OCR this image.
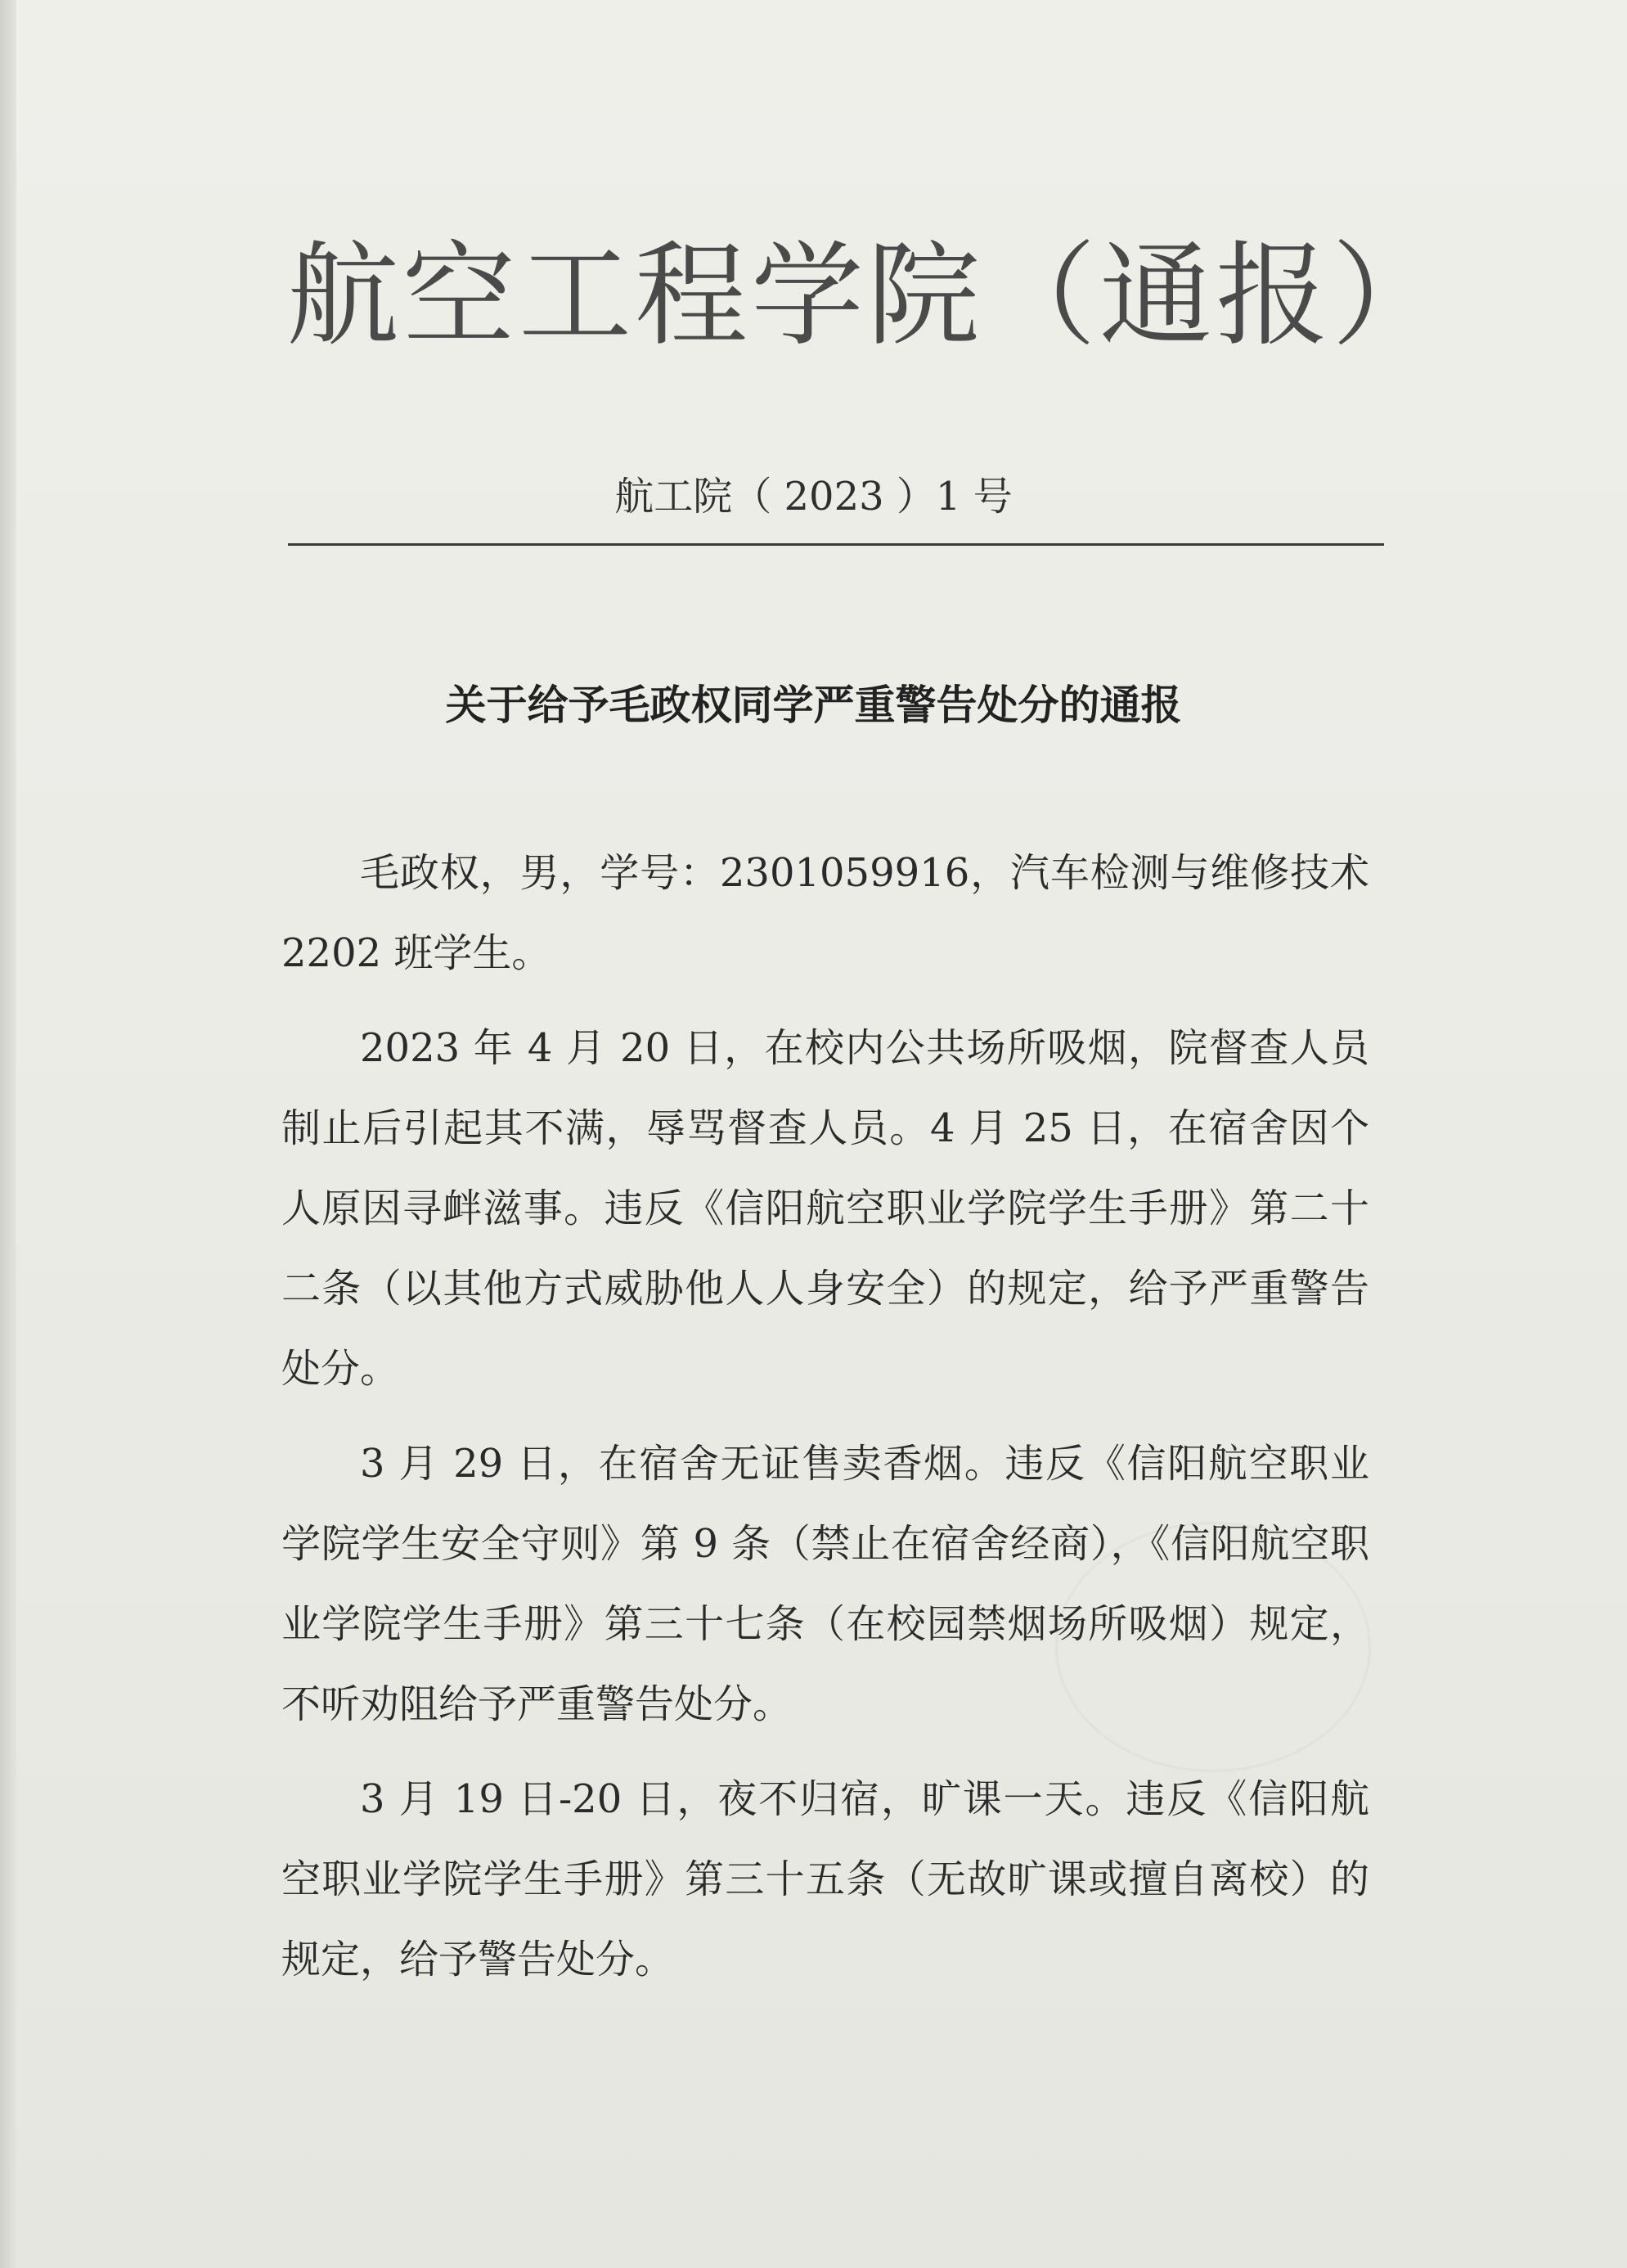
航空工程学院（通报）
航工院（ 2023 ）1 号
关于给予毛政权同学严重警告处分的通报

毛政权，男，学号：2301059916，汽车检测与维修技术 2202 班学生。

2023 年 4 月 20 日，在校内公共场所吸烟，院督查人员制止后引起其不满，辱骂督查人员。4 月 25 日，在宿舍因个人原因寻衅滋事。违反《信阳航空职业学院学生手册》第二十二条（以其他方式威胁他人人身安全）的规定，给予严重警告处分。

3 月 29 日，在宿舍无证售卖香烟。违反《信阳航空职业学院学生安全守则》第 9 条（禁止在宿舍经商），《信阳航空职业学院学生手册》第三十七条（在校园禁烟场所吸烟）规定，不听劝阻给予严重警告处分。

3 月 19 日-20 日，夜不归宿，旷课一天。违反《信阳航空职业学院学生手册》第三十五条（无故旷课或擅自离校）的规定，给予警告处分。
